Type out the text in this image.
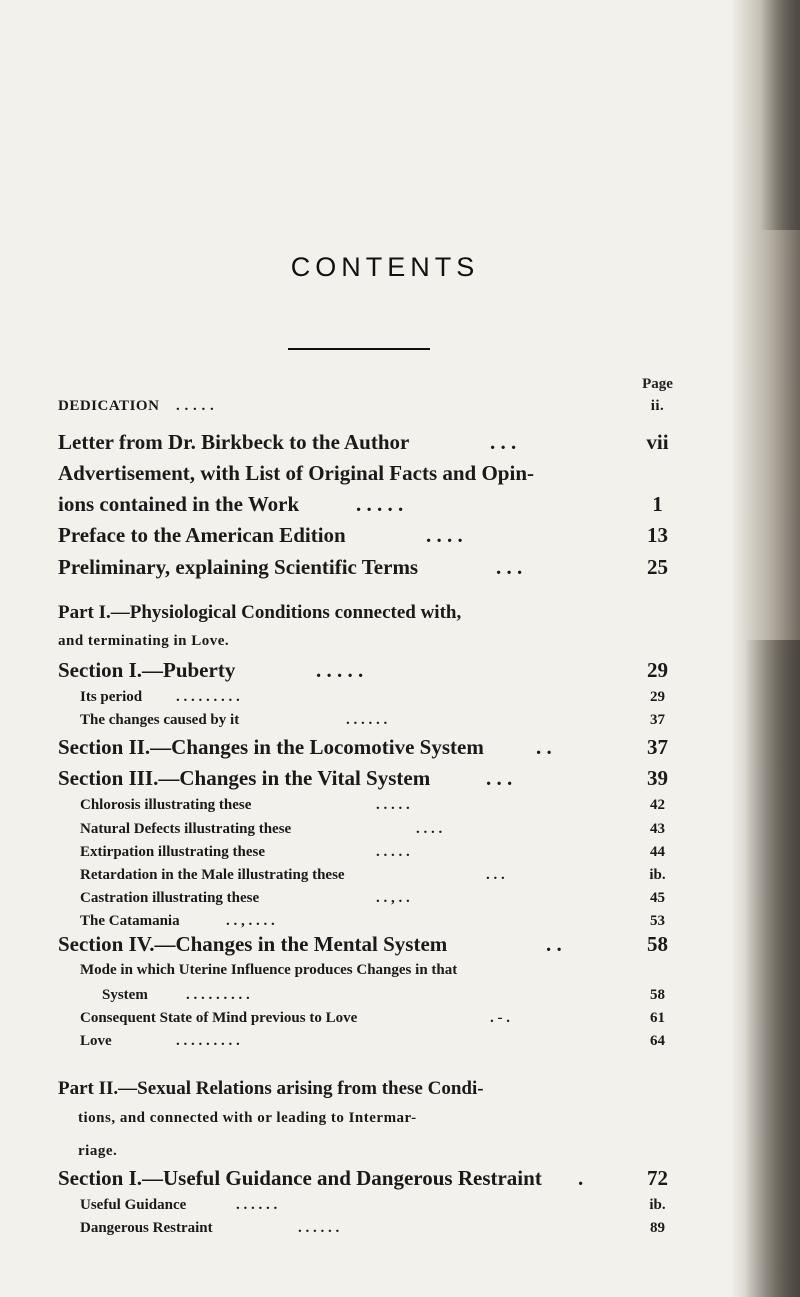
CONTENTS
Page
DEDICATION . . . . .	ii.
Letter from Dr. Birkbeck to the Author	. . .	vii
Advertisement, with List of Original Facts and Opin-
ions contained in the Work	. . . . .	1
Preface to the American Edition	. . . .	13
Preliminary, explaining Scientific Terms	. . .	25
Part I.—Physiological Conditions connected with,
and terminating in Love.
Section I.—Puberty	. . . . .	29
Its period . . . . . . . . .	29
The changes caused by it	. . . . . .	37
Section II.—Changes in the Locomotive System . .	37
Section III.—Changes in the Vital System	. . .	39
Chlorosis illustrating these	. . . . .	42
Natural Defects illustrating these	. . . .	43
Extirpation illustrating these	. . . . .	44
Retardation in the Male illustrating these	. . .	ib.
Castration illustrating these	. . , . .	45
The Catamania	. . , . . . .	53
Section IV.—Changes in the Mental System	. .	58
Mode in which Uterine Influence produces Changes in that
System	. . . . . . . . .	58
Consequent State of Mind previous to Love	. - .	61
Love	. . . . . . . . .	64
Part II.—Sexual Relations arising from these Condi-
tions, and connected with or leading to Intermar-
riage.
Section I.—Useful Guidance and Dangerous Restraint .	72
Useful Guidance	. . . . . .	ib.
Dangerous Restraint	. . . . . .	89
